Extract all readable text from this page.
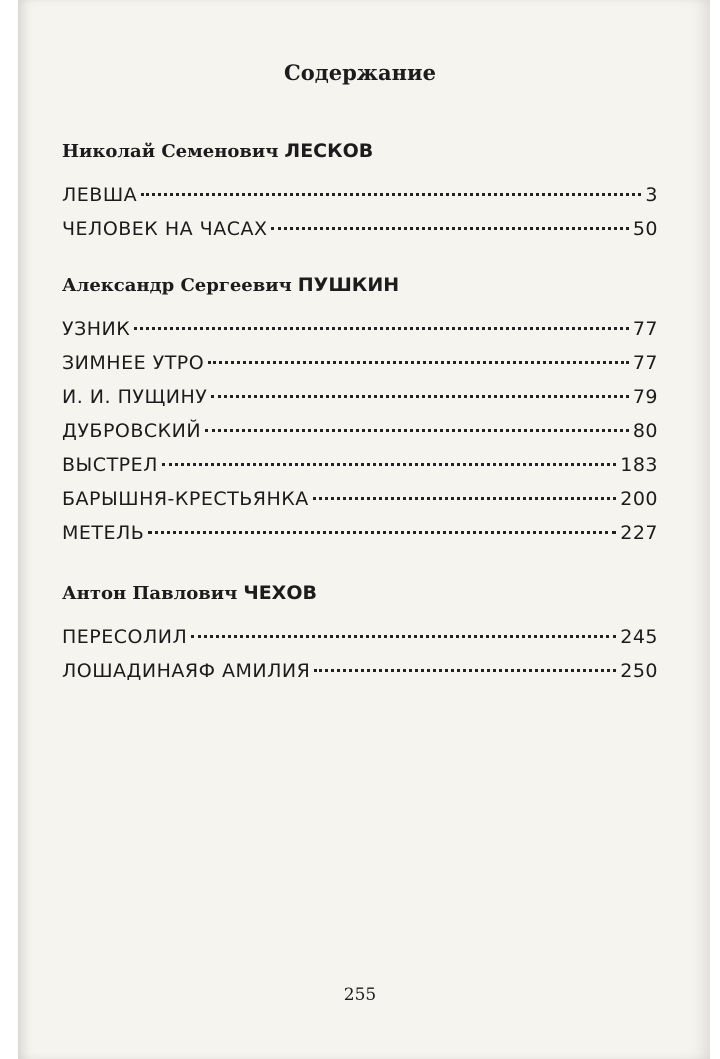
Содержание
Николай Семенович ЛЕСКОВ
ЛЕВША	3
ЧЕЛОВЕК НА ЧАСАХ	50
Александр Сергеевич ПУШКИН
УЗНИК	77
ЗИМНЕЕ УТРО	77
И. И. ПУЩИНУ	79
ДУБРОВСКИЙ	80
ВЫСТРЕЛ	183
БАРЫШНЯ-КРЕСТЬЯНКА	200
МЕТЕЛЬ	227
Антон Павлович ЧЕХОВ
ПЕРЕСОЛИЛ	245
ЛОШАДИНАЯФ АМИЛИЯ	250
255
